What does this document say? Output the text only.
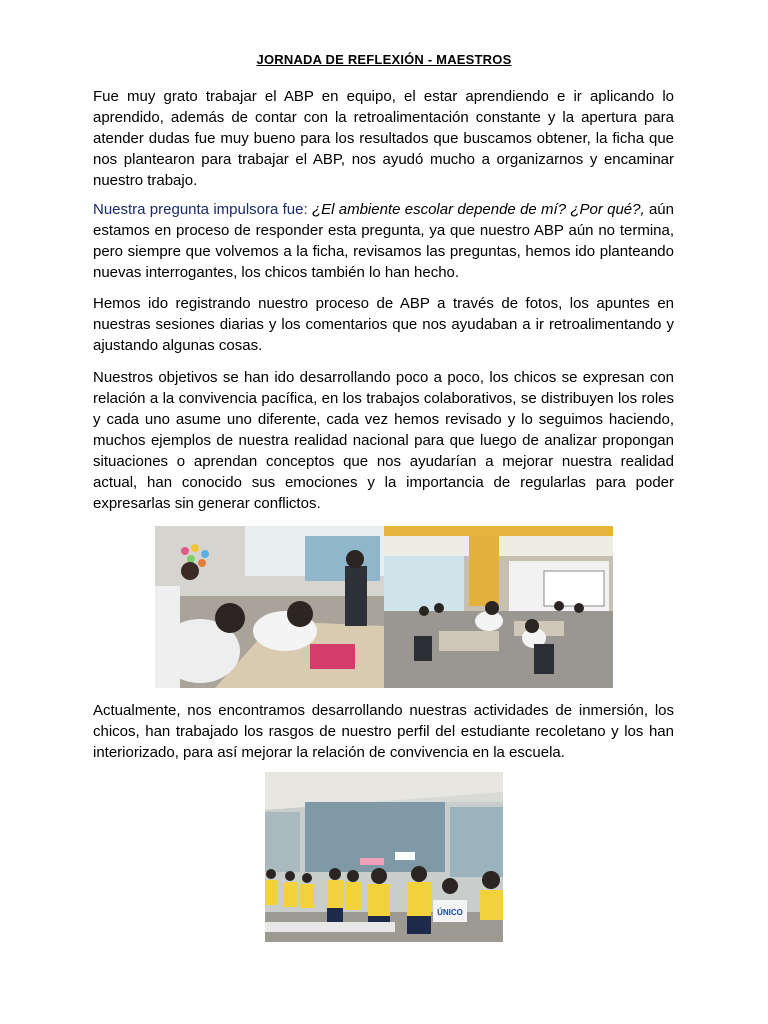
JORNADA DE REFLEXIÓN - MAESTROS

Fue muy grato trabajar el ABP en equipo, el estar aprendiendo e ir aplicando lo aprendido, además de contar con la retroalimentación constante y la apertura para atender dudas fue muy bueno para los resultados que buscamos obtener, la ficha que nos plantearon para trabajar el ABP, nos ayudó mucho a organizarnos y encaminar nuestro trabajo.

Nuestra pregunta impulsora fue: ¿El ambiente escolar depende de mí? ¿Por qué?, aún estamos en proceso de responder esta pregunta, ya que nuestro ABP aún no termina, pero siempre que volvemos a la ficha, revisamos las preguntas, hemos ido planteando nuevas interrogantes, los chicos también lo han hecho.

Hemos ido registrando nuestro proceso de ABP a través de fotos, los apuntes en nuestras sesiones diarias y los comentarios que nos ayudaban a ir retroalimentando y ajustando algunas cosas.

Nuestros objetivos se han ido desarrollando poco a poco, los chicos se expresan con relación a la convivencia pacífica, en los trabajos colaborativos, se distribuyen los roles y cada uno asume uno diferente, cada vez hemos revisado y lo seguimos haciendo, muchos ejemplos de nuestra realidad nacional para que luego de analizar propongan situaciones o aprendan conceptos que nos ayudarían a mejorar nuestra realidad actual, han conocido sus emociones y la importancia de regularlas para poder expresarlas sin generar conflictos.

Actualmente, nos encontramos desarrollando nuestras actividades de inmersión, los chicos, han trabajado los rasgos de nuestro perfil del estudiante recoletano y los han interiorizado, para así mejorar la relación de convivencia en la escuela.

ÚNICO
